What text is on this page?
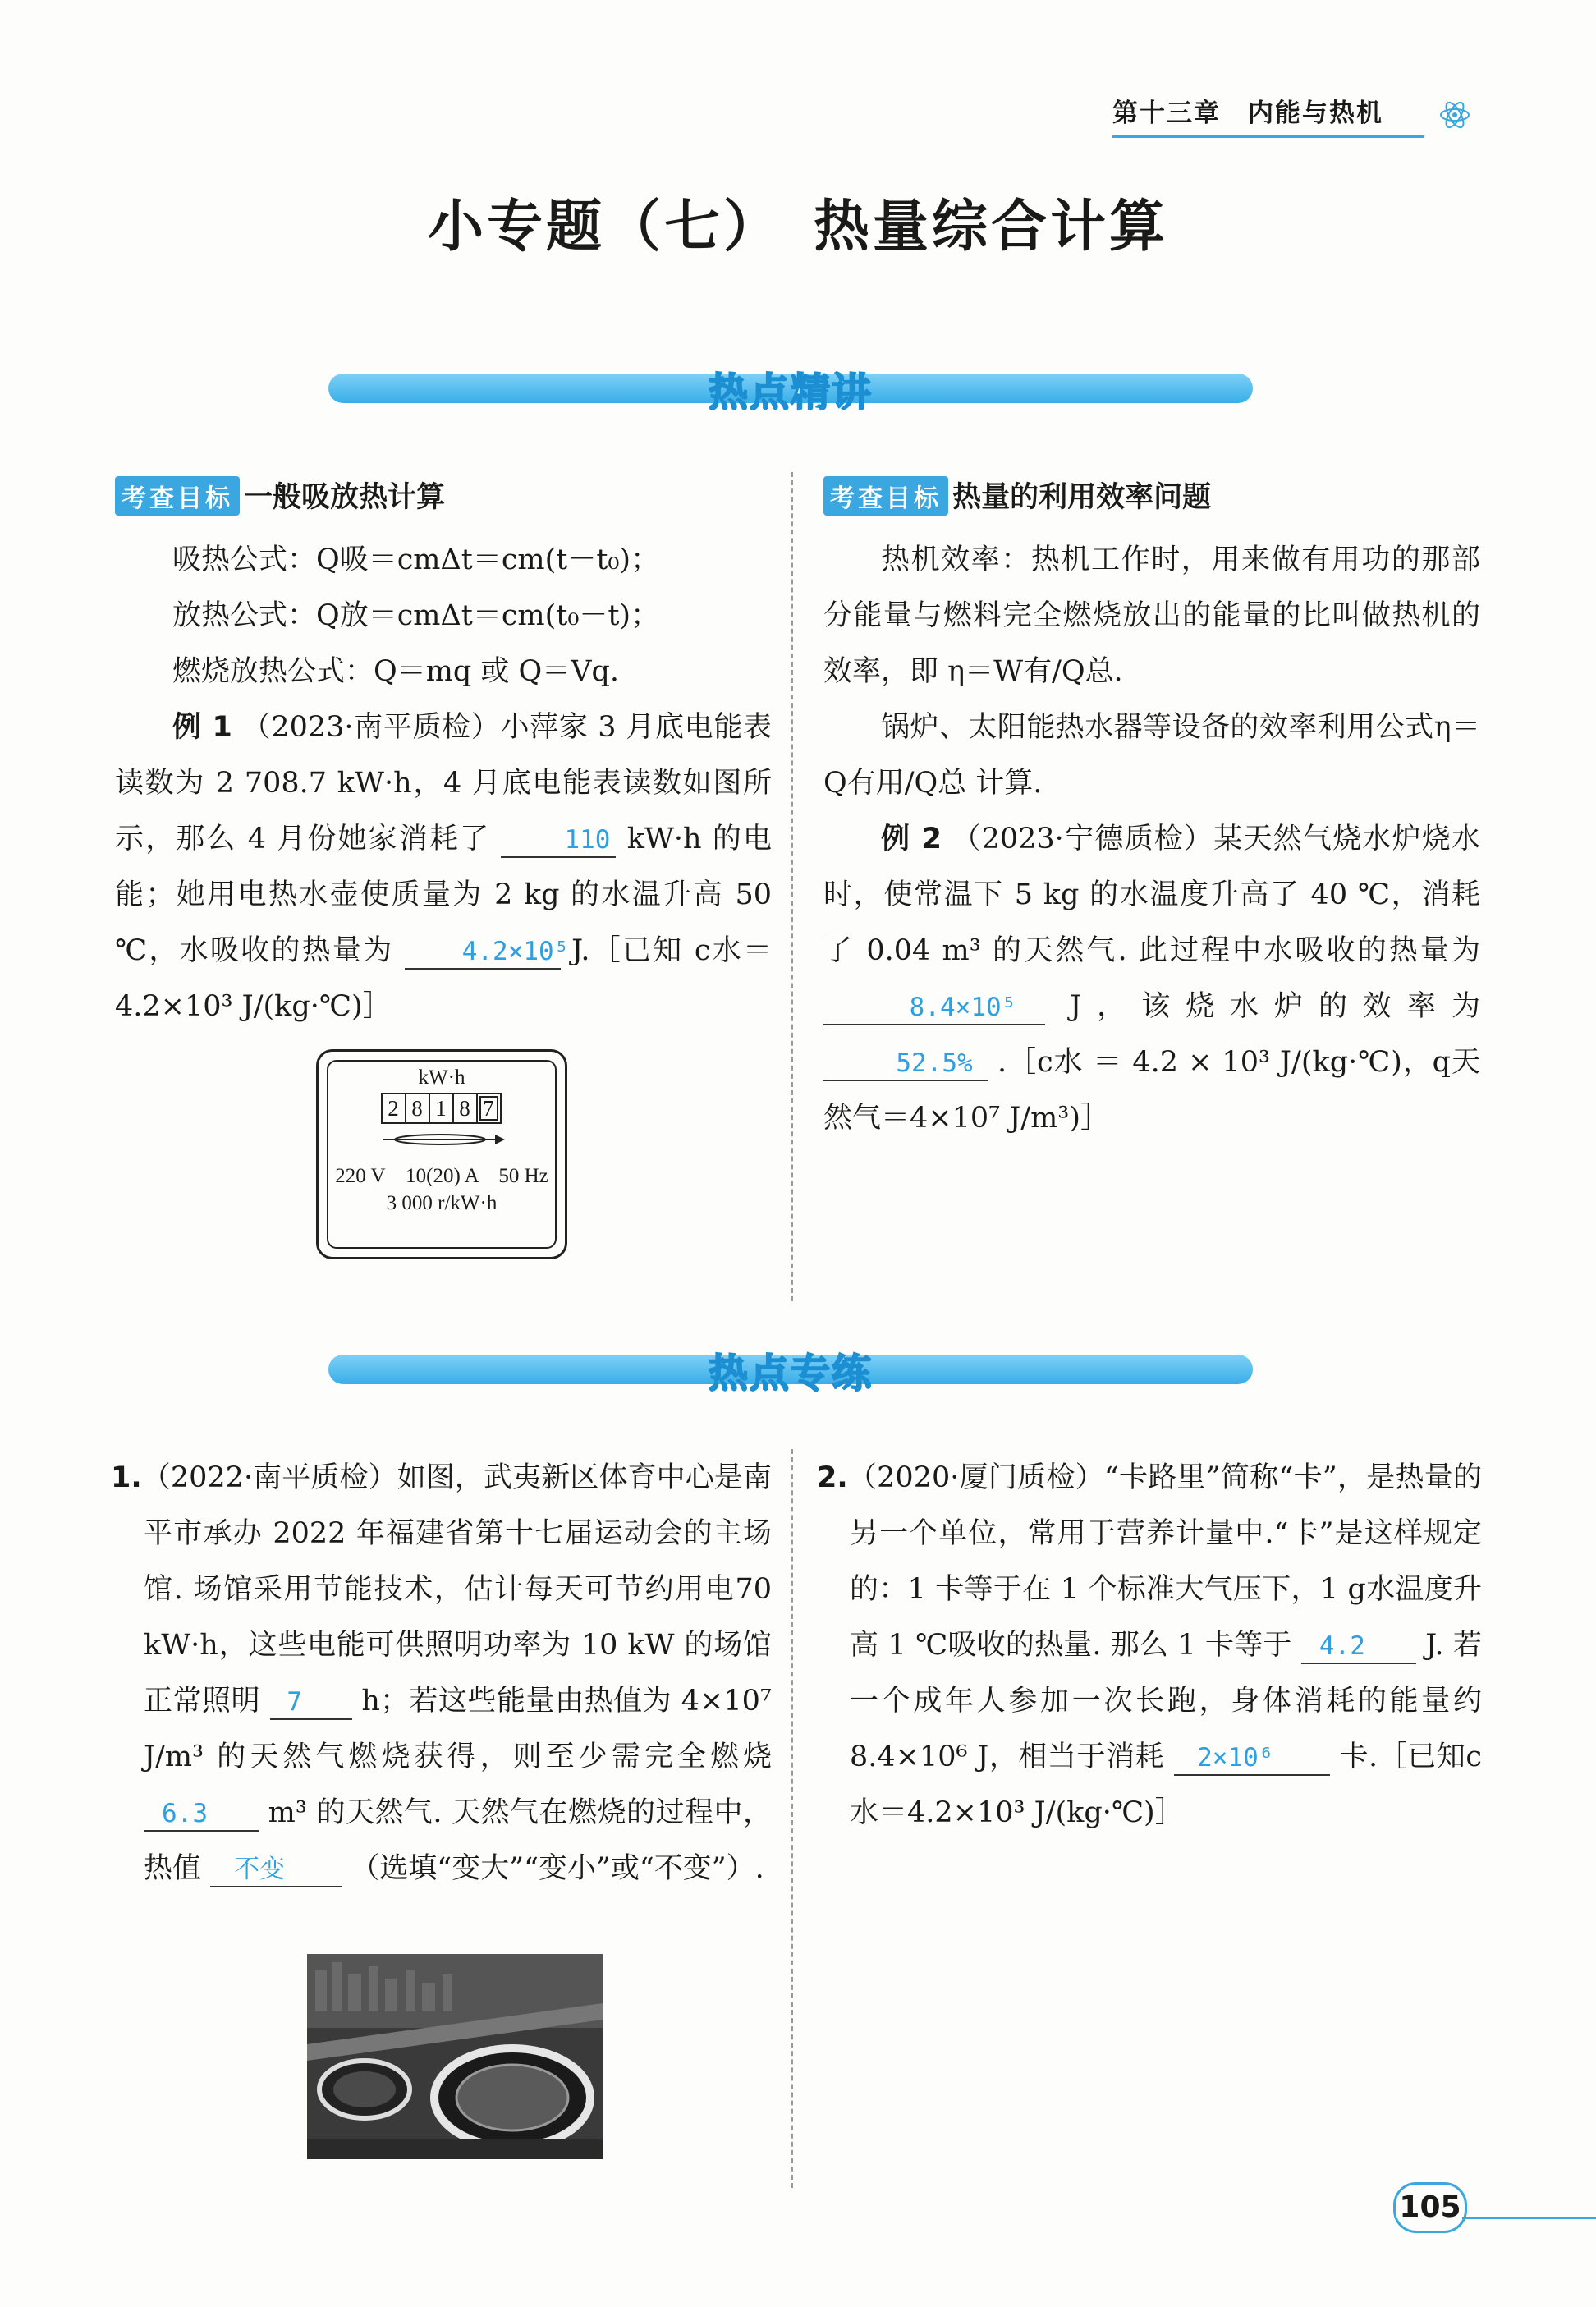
第十三章　内能与热机
小专题（七）　热量综合计算
热点精讲
考查目标 一般吸放热计算

吸热公式：Q吸＝cmΔt＝cm(t－t₀)；

放热公式：Q放＝cmΔt＝cm(t₀－t)；

燃烧放热公式：Q＝mq 或 Q＝Vq.

例 1 （2023·南平质检）小萍家 3 月底电能表读数为 2 708.7 kW·h，4 月底电能表读数如图所示，那么 4 月份她家消耗了	110 kW·h 的电能；她用电热水壶使质量为 2 kg 的水温升高 50 ℃，水吸收的热量为	4.2×10⁵ J.［已知 c水＝4.2×10³ J/(kg·℃)］

kW·h
2 8 1 8 7
220 V　10(20) A　50 Hz
3 000 r/kW·h
考查目标 热量的利用效率问题

热机效率：热机工作时，用来做有用功的那部分能量与燃料完全燃烧放出的能量的比叫做热机的效率，即 η＝W有/Q总.

锅炉、太阳能热水器等设备的效率利用公式η＝Q有用/Q总 计算.

例 2 （2023·宁德质检）某天然气烧水炉烧水时，使常温下 5 kg 的水温度升高了 40 ℃，消耗了 0.04 m³ 的天然气. 此过程中水吸收的热量为 8.4×10⁵ J，该烧水炉的效率为 52.5% .［c水 ＝ 4.2 × 10³ J/(kg·℃)，q天然气＝4×10⁷ J/m³)］

热点专练

1.（2022·南平质检）如图，武夷新区体育中心是南平市承办 2022 年福建省第十七届运动会的主场馆. 场馆采用节能技术，估计每天可节约用电70 kW·h，这些电能可供照明功率为 10 kW 的场馆正常照明 7 h；若这些能量由热值为 4×10⁷ J/m³ 的天然气燃烧获得，则至少需完全燃烧 6.3 m³ 的天然气. 天然气在燃烧的过程中，热值 不变 （选填“变大”“变小”或“不变”）.

2.（2020·厦门质检）“卡路里”简称“卡”，是热量的另一个单位，常用于营养计量中.“卡”是这样规定的：1 卡等于在 1 个标准大气压下，1 g水温度升高 1 ℃吸收的热量. 那么 1 卡等于 4.2 J. 若一个成年人参加一次长跑，身体消耗的能量约8.4×10⁶ J，相当于消耗 2×10⁶ 卡.［已知c水＝4.2×10³ J/(kg·℃)］

105
